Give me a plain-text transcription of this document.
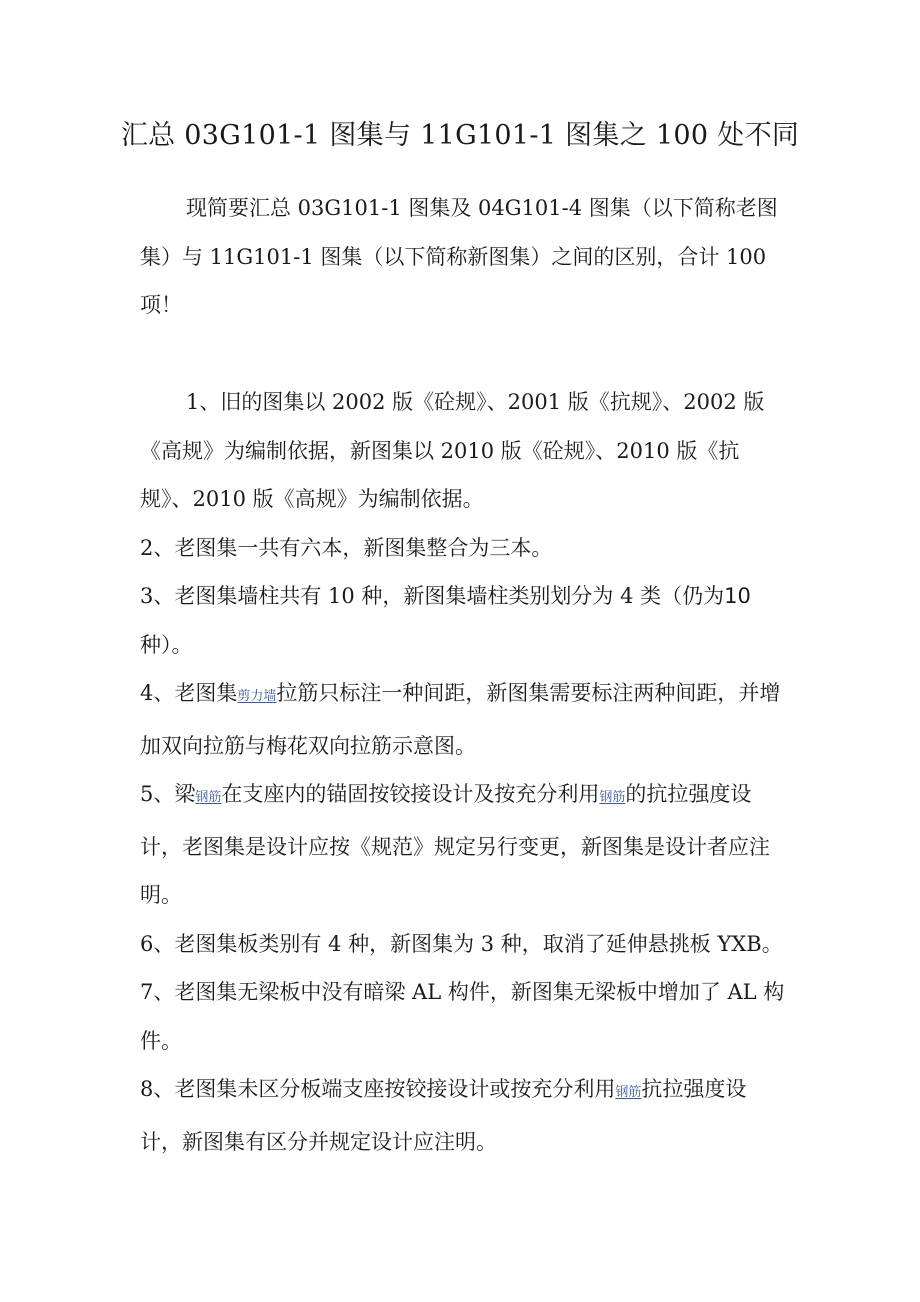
汇总 03G101-1 图集与 11G101-1 图集之 100 处不同

现简要汇总 03G101-1 图集及 04G101-4 图集（以下简称老图集）与 11G101-1 图集（以下简称新图集）之间的区别，合计 100 项！

1、旧的图集以 2002 版《砼规》、2001 版《抗规》、2002 版《高规》为编制依据，新图集以 2010 版《砼规》、2010 版《抗规》、2010 版《高规》为编制依据。

2、老图集一共有六本，新图集整合为三本。

3、老图集墙柱共有 10 种，新图集墙柱类别划分为 4 类（仍为10种）。

4、老图集剪力墙拉筋只标注一种间距，新图集需要标注两种间距，并增加双向拉筋与梅花双向拉筋示意图。

5、梁钢筋在支座内的锚固按铰接设计及按充分利用钢筋的抗拉强度设计，老图集是设计应按《规范》规定另行变更，新图集是设计者应注明。

6、老图集板类别有 4 种，新图集为 3 种，取消了延伸悬挑板 YXB。

7、老图集无梁板中没有暗梁 AL 构件，新图集无梁板中增加了 AL 构件。

8、老图集未区分板端支座按铰接设计或按充分利用钢筋抗拉强度设计，新图集有区分并规定设计应注明。
